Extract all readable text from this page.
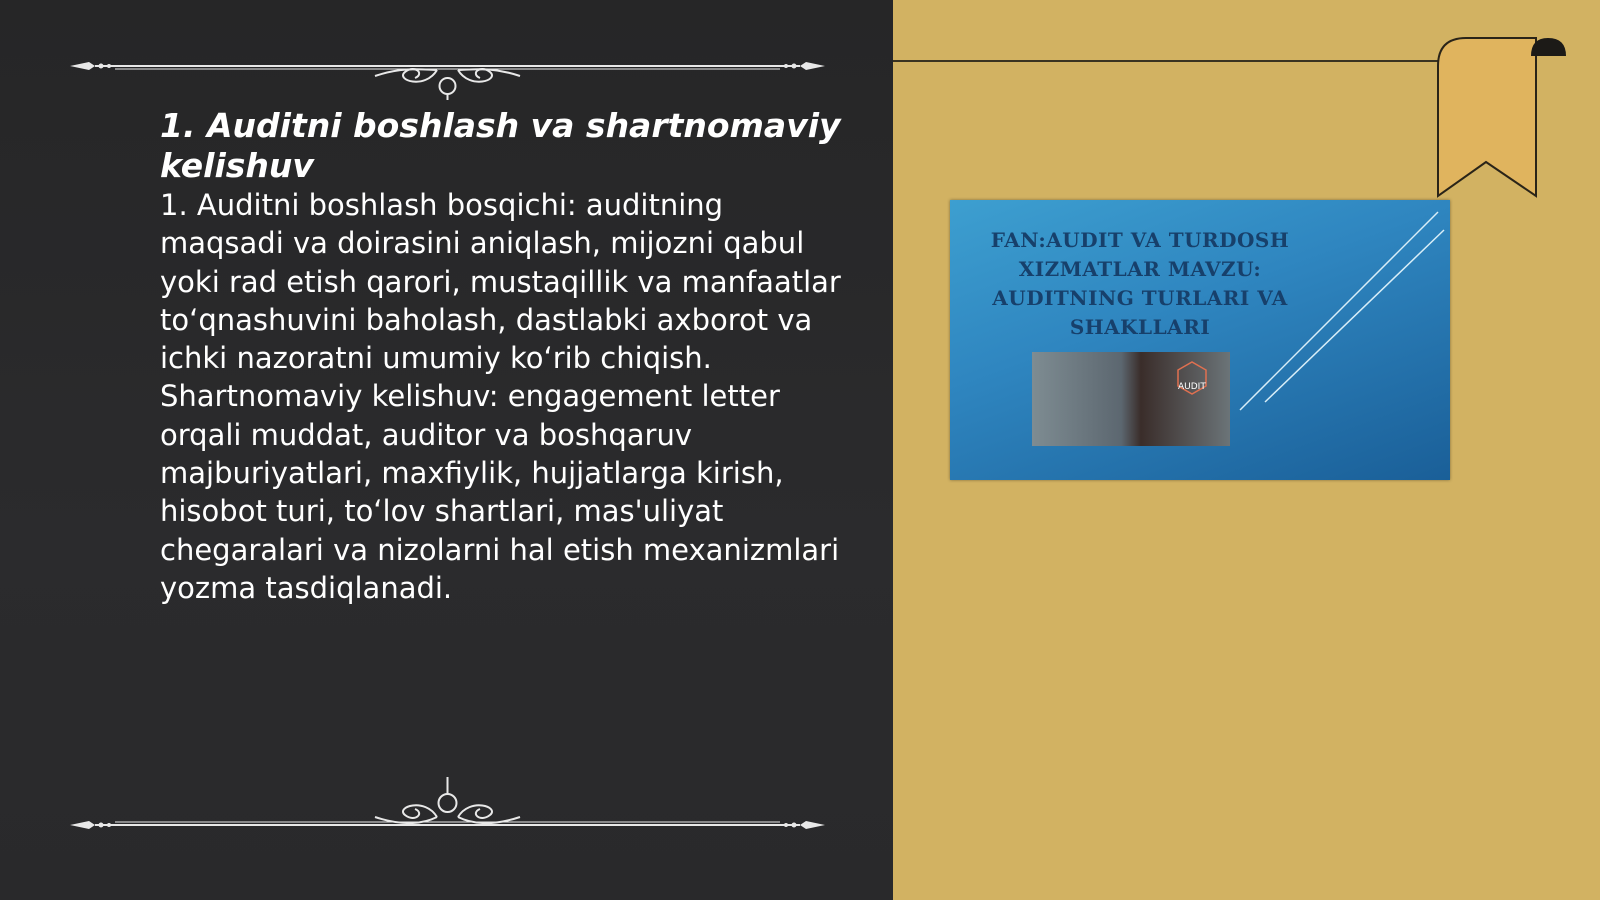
1. Auditni boshlash va shartnomaviy kelishuv

1. Auditni boshlash bosqichi: auditning maqsadi va doirasini aniqlash, mijozni qabul yoki rad etish qarori, mustaqillik va manfaatlar to‘qnashuvini baholash, dastlabki axborot va ichki nazoratni umumiy ko‘rib chiqish. Shartnomaviy kelishuv: engagement letter orqali muddat, auditor va boshqaruv majburiyatlari, maxfiylik, hujjatlarga kirish, hisobot turi, to‘lov shartlari, mas'uliyat chegaralari va nizolarni hal etish mexanizmlari yozma tasdiqlanadi.

FAN:AUDIT VA TURDOSH XIZMATLAR MAVZU: AUDITNING TURLARI VA SHAKLLARI
AUDIT
